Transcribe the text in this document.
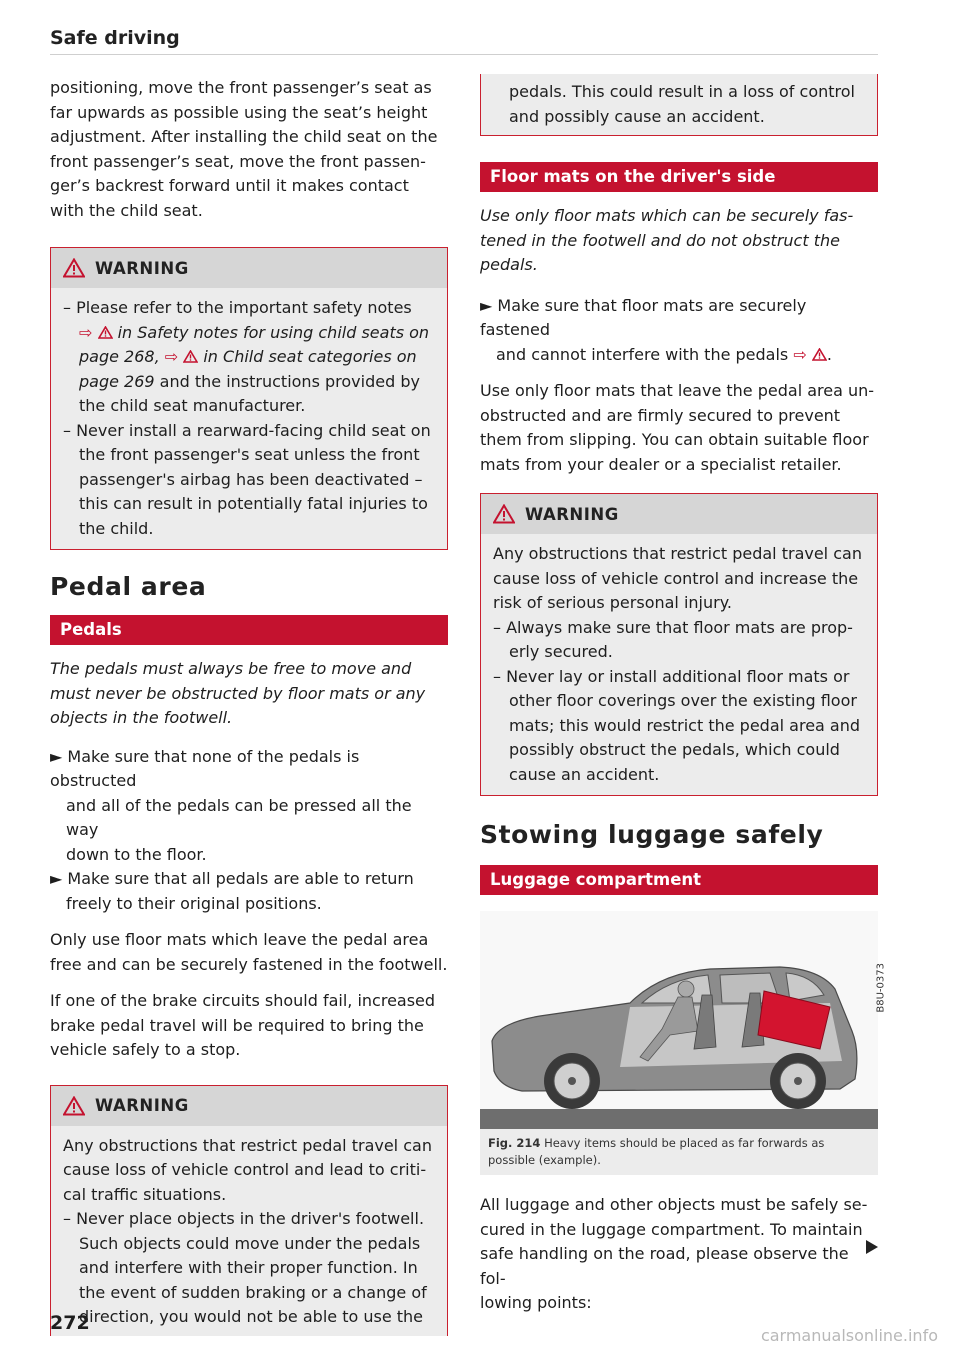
Safe driving

positioning, move the front passenger’s seat as

far upwards as possible using the seat’s height

adjustment. After installing the child seat on the

front passenger’s seat, move the front passen-

ger’s backrest forward until it makes contact

with the child seat.

WARNING

– Please refer to the important safety notes

⇨  in Safety notes for using child seats on

page 268, ⇨  in Child seat categories on

page 269 and the instructions provided by

the child seat manufacturer.

– Never install a rearward-facing child seat on

the front passenger's seat unless the front

passenger's airbag has been deactivated –

this can result in potentially fatal injuries to

the child.

Pedal area
Pedals

The pedals must always be free to move and

must never be obstructed by floor mats or any

objects in the footwell.

► Make sure that none of the pedals is obstructed

and all of the pedals can be pressed all the way

down to the floor.

► Make sure that all pedals are able to return

freely to their original positions.

Only use floor mats which leave the pedal area

free and can be securely fastened in the footwell.

If one of the brake circuits should fail, increased

brake pedal travel will be required to bring the

vehicle safely to a stop.

WARNING

Any obstructions that restrict pedal travel can

cause loss of vehicle control and lead to criti-

cal traffic situations.

– Never place objects in the driver's footwell.

Such objects could move under the pedals

and interfere with their proper function. In

the event of sudden braking or a change of

direction, you would not be able to use the

pedals. This could result in a loss of control

and possibly cause an accident.

Floor mats on the driver's side

Use only floor mats which can be securely fas-

tened in the footwell and do not obstruct the

pedals.

► Make sure that floor mats are securely fastened

and cannot interfere with the pedals ⇨ .

Use only floor mats that leave the pedal area un-

obstructed and are firmly secured to prevent

them from slipping. You can obtain suitable floor

mats from your dealer or a specialist retailer.

WARNING

Any obstructions that restrict pedal travel can

cause loss of vehicle control and increase the

risk of serious personal injury.

– Always make sure that floor mats are prop-

erly secured.

– Never lay or install additional floor mats or

other floor coverings over the existing floor

mats; this would restrict the pedal area and

possibly obstruct the pedals, which could

cause an accident.

Stowing luggage safely
Luggage compartment
B8U-0373
Fig. 214 Heavy items should be placed as far forwards as
possible (example).

All luggage and other objects must be safely se-

cured in the luggage compartment. To maintain

safe handling on the road, please observe the fol-

lowing points:

272
carmanualsonline.info
